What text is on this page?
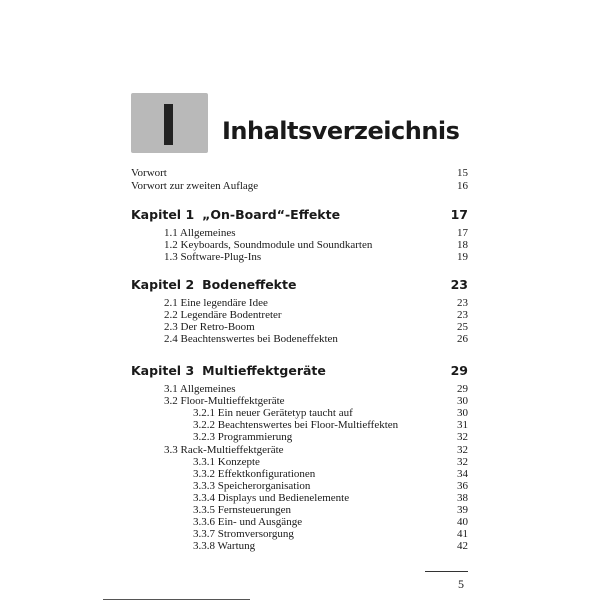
Inhaltsverzeichnis
Vorwort	15
Vorwort zur zweiten Auflage	16
Kapitel 1 „On-Board“-Effekte	17
1.1 Allgemeines	17
1.2 Keyboards, Soundmodule und Soundkarten	18
1.3 Software-Plug-Ins	19
Kapitel 2 Bodeneffekte	23
2.1 Eine legendäre Idee	23
2.2 Legendäre Bodentreter	23
2.3 Der Retro-Boom	25
2.4 Beachtenswertes bei Bodeneffekten	26
Kapitel 3 Multieffektgeräte	29
3.1 Allgemeines	29
3.2 Floor-Multieffektgeräte	30
3.2.1 Ein neuer Gerätetyp taucht auf	30
3.2.2 Beachtenswertes bei Floor-Multieffekten	31
3.2.3 Programmierung	32
3.3 Rack-Multieffektgeräte	32
3.3.1 Konzepte	32
3.3.2 Effektkonfigurationen	34
3.3.3 Speicherorganisation	36
3.3.4 Displays und Bedienelemente	38
3.3.5 Fernsteuerungen	39
3.3.6 Ein- und Ausgänge	40
3.3.7 Stromversorgung	41
3.3.8 Wartung	42
5
